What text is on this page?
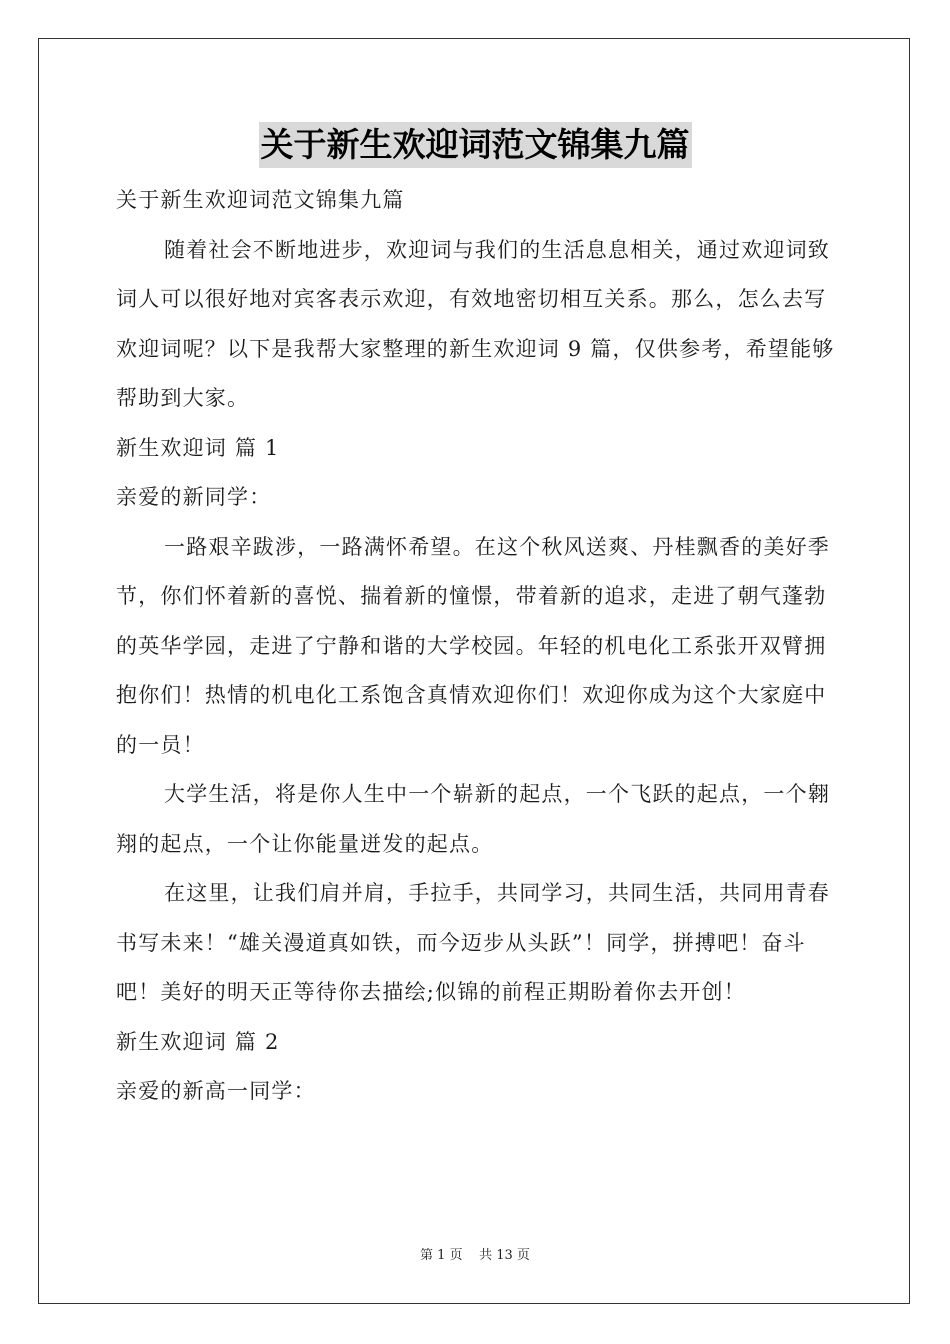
关于新生欢迎词范文锦集九篇

关于新生欢迎词范文锦集九篇

随着社会不断地进步，欢迎词与我们的生活息息相关，通过欢迎词致词人可以很好地对宾客表示欢迎，有效地密切相互关系。那么，怎么去写欢迎词呢？以下是我帮大家整理的新生欢迎词 9 篇，仅供参考，希望能够帮助到大家。

新生欢迎词 篇 1

亲爱的新同学：

一路艰辛跋涉，一路满怀希望。在这个秋风送爽、丹桂飘香的美好季节，你们怀着新的喜悦、揣着新的憧憬，带着新的追求，走进了朝气蓬勃的英华学园，走进了宁静和谐的大学校园。年轻的机电化工系张开双臂拥抱你们！热情的机电化工系饱含真情欢迎你们！欢迎你成为这个大家庭中的一员！

大学生活，将是你人生中一个崭新的起点，一个飞跃的起点，一个翱翔的起点，一个让你能量迸发的起点。

在这里，让我们肩并肩，手拉手，共同学习，共同生活，共同用青春书写未来！“雄关漫道真如铁，而今迈步从头跃”！同学，拼搏吧！奋斗吧！美好的明天正等待你去描绘;似锦的前程正期盼着你去开创！

新生欢迎词 篇 2

亲爱的新高一同学：

第 1 页 共 13 页
